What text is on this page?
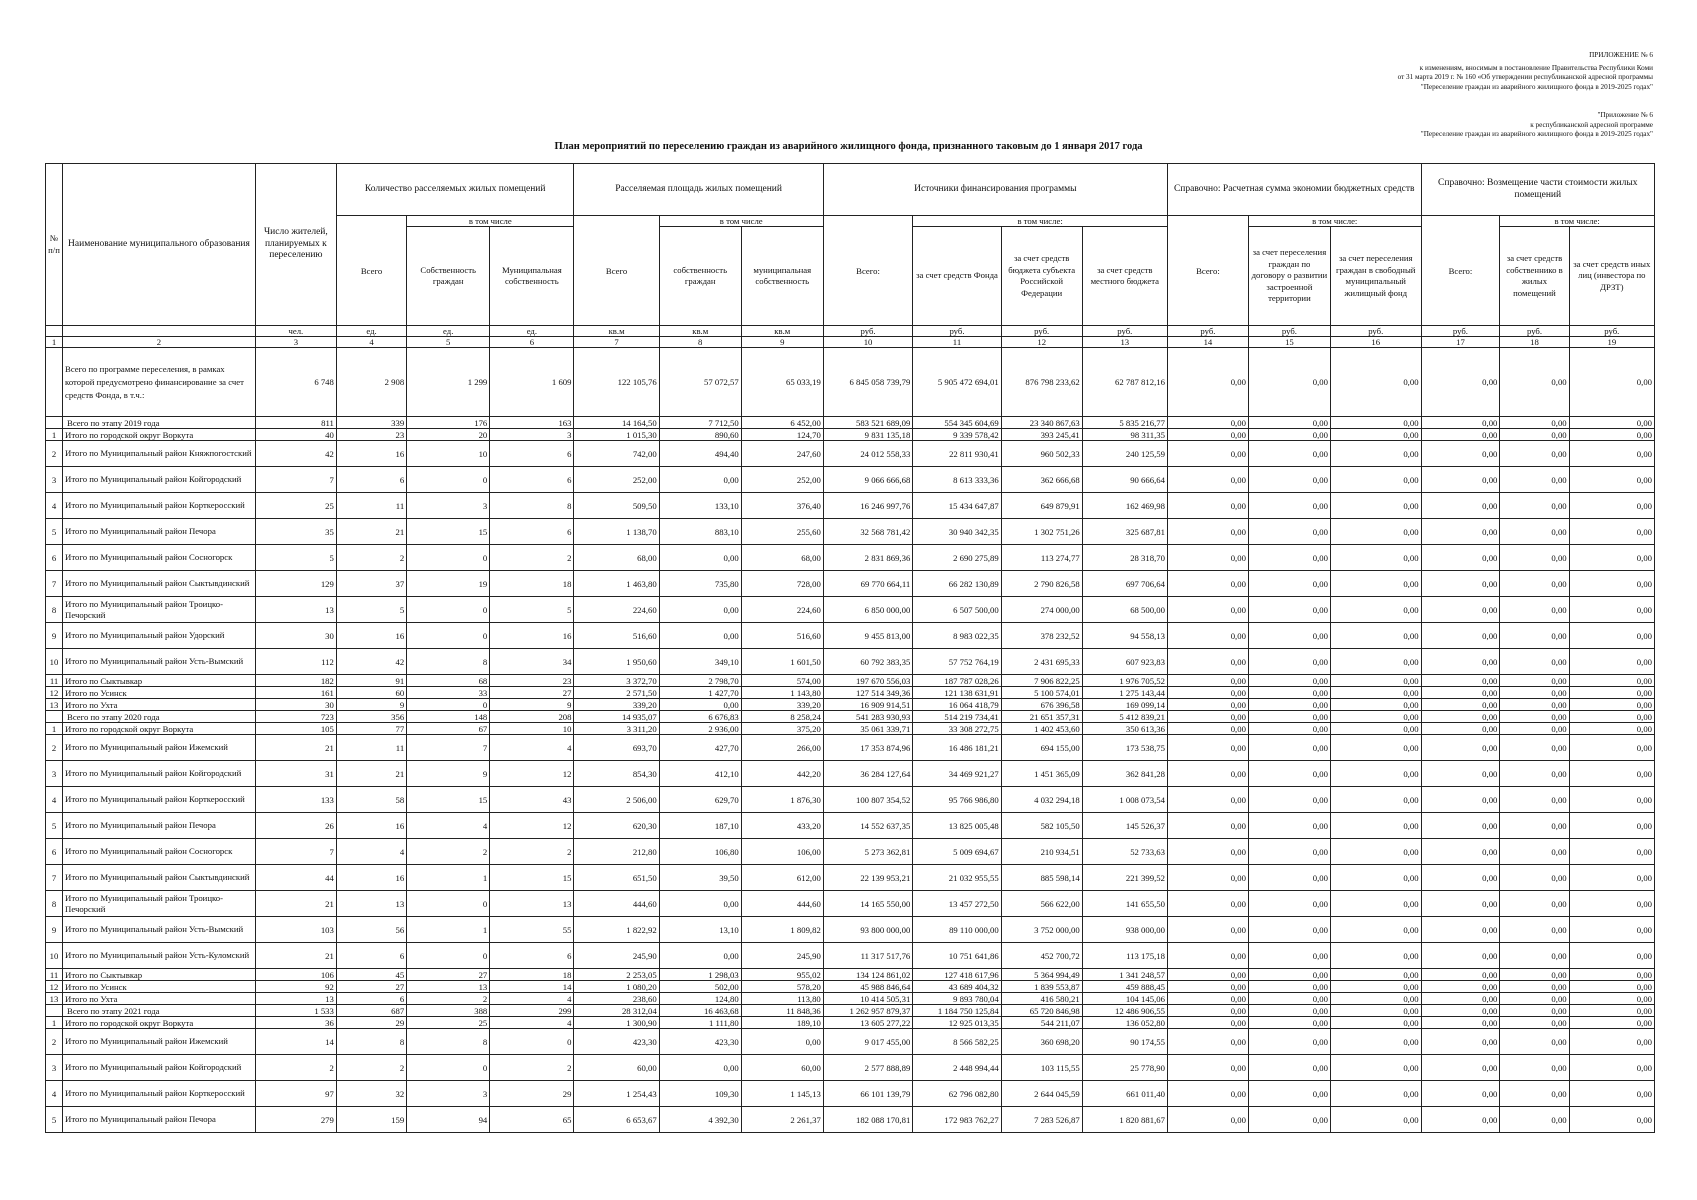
ПРИЛОЖЕНИЕ № 6
к изменениям, вносимым в постановление Правительства Республики Коми
от 31 марта 2019 г. № 160 «Об утверждении республиканской адресной программы
"Переселение граждан из аварийного жилищного фонда в 2019-2025 годах"
"Приложение № 6
к республиканской адресной программе
"Переселение граждан из аварийного жилищного фонда в 2019-2025 годах"
План мероприятий по переселению граждан из аварийного жилищного фонда, признанного таковым до 1 января 2017 года
№ п/п	Наименование муниципального образования	Число жителей, планируемых к переселению	Количество расселяемых жилых помещений			Расселяемая площадь жилых помещений			Источники финансирования программы				Справочно: Расчетная сумма экономии бюджетных средств			Справочно: Возмещение части стоимости жилых помещений		
			Всего	в том числе		Всего	в том числе		Всего:	в том числе:			Всего:	в том числе:		Всего:	в том числе:	
				Собственность граждан	Муниципальная собственность		собственность граждан	муниципальная собственность		за счет средств Фонда	за счет средств бюджета субъекта Российской Федерации	за счет средств местного бюджета		за счет переселения граждан по договору о развитии застроенной территории	за счет переселения граждан в свободный муниципальный жилищный фонд		за счет средств собственнико в жилых помещений	за счет средств иных лиц (инвестора по ДРЗТ)
		чел.	ед.	ед.	ед.	кв.м	кв.м	кв.м	руб.	руб.	руб.	руб.	руб.	руб.	руб.	руб.	руб.	руб.
1	2	3	4	5	6	7	8	9	10	11	12	13	14	15	16	17	18	19
	Всего по программе переселения, в рамках которой предусмотрено финансирование за счет средств Фонда, в т.ч.:	6 748	2 908	1 299	1 609	122 105,76	57 072,57	65 033,19	6 845 058 739,79	5 905 472 694,01	876 798 233,62	62 787 812,16	0,00	0,00	0,00	0,00	0,00	0,00
	Всего по этапу 2019 года	811	339	176	163	14 164,50	7 712,50	6 452,00	583 521 689,09	554 345 604,69	23 340 867,63	5 835 216,77	0,00	0,00	0,00	0,00	0,00	0,00
1	Итого по городской округ Воркута	40	23	20	3	1 015,30	890,60	124,70	9 831 135,18	9 339 578,42	393 245,41	98 311,35	0,00	0,00	0,00	0,00	0,00	0,00
2	Итого по Муниципальный район Княжпогостский	42	16	10	6	742,00	494,40	247,60	24 012 558,33	22 811 930,41	960 502,33	240 125,59	0,00	0,00	0,00	0,00	0,00	0,00
3	Итого по Муниципальный район Койгородский	7	6	0	6	252,00	0,00	252,00	9 066 666,68	8 613 333,36	362 666,68	90 666,64	0,00	0,00	0,00	0,00	0,00	0,00
4	Итого по Муниципальный район Корткеросский	25	11	3	8	509,50	133,10	376,40	16 246 997,76	15 434 647,87	649 879,91	162 469,98	0,00	0,00	0,00	0,00	0,00	0,00
5	Итого по Муниципальный район Печора	35	21	15	6	1 138,70	883,10	255,60	32 568 781,42	30 940 342,35	1 302 751,26	325 687,81	0,00	0,00	0,00	0,00	0,00	0,00
6	Итого по Муниципальный район Сосногорск	5	2	0	2	68,00	0,00	68,00	2 831 869,36	2 690 275,89	113 274,77	28 318,70	0,00	0,00	0,00	0,00	0,00	0,00
7	Итого по Муниципальный район Сыктывдинский	129	37	19	18	1 463,80	735,80	728,00	69 770 664,11	66 282 130,89	2 790 826,58	697 706,64	0,00	0,00	0,00	0,00	0,00	0,00
8	Итого по Муниципальный район Троицко-Печорский	13	5	0	5	224,60	0,00	224,60	6 850 000,00	6 507 500,00	274 000,00	68 500,00	0,00	0,00	0,00	0,00	0,00	0,00
9	Итого по Муниципальный район Удорский	30	16	0	16	516,60	0,00	516,60	9 455 813,00	8 983 022,35	378 232,52	94 558,13	0,00	0,00	0,00	0,00	0,00	0,00
10	Итого по Муниципальный район Усть-Вымский	112	42	8	34	1 950,60	349,10	1 601,50	60 792 383,35	57 752 764,19	2 431 695,33	607 923,83	0,00	0,00	0,00	0,00	0,00	0,00
11	Итого по Сыктывкар	182	91	68	23	3 372,70	2 798,70	574,00	197 670 556,03	187 787 028,26	7 906 822,25	1 976 705,52	0,00	0,00	0,00	0,00	0,00	0,00
12	Итого по Усинск	161	60	33	27	2 571,50	1 427,70	1 143,80	127 514 349,36	121 138 631,91	5 100 574,01	1 275 143,44	0,00	0,00	0,00	0,00	0,00	0,00
13	Итого по Ухта	30	9	0	9	339,20	0,00	339,20	16 909 914,51	16 064 418,79	676 396,58	169 099,14	0,00	0,00	0,00	0,00	0,00	0,00
	Всего по этапу 2020 года	723	356	148	208	14 935,07	6 676,83	8 258,24	541 283 930,93	514 219 734,41	21 651 357,31	5 412 839,21	0,00	0,00	0,00	0,00	0,00	0,00
1	Итого по городской округ Воркута	105	77	67	10	3 311,20	2 936,00	375,20	35 061 339,71	33 308 272,75	1 402 453,60	350 613,36	0,00	0,00	0,00	0,00	0,00	0,00
2	Итого по Муниципальный район Ижемский	21	11	7	4	693,70	427,70	266,00	17 353 874,96	16 486 181,21	694 155,00	173 538,75	0,00	0,00	0,00	0,00	0,00	0,00
3	Итого по Муниципальный район Койгородский	31	21	9	12	854,30	412,10	442,20	36 284 127,64	34 469 921,27	1 451 365,09	362 841,28	0,00	0,00	0,00	0,00	0,00	0,00
4	Итого по Муниципальный район Корткеросский	133	58	15	43	2 506,00	629,70	1 876,30	100 807 354,52	95 766 986,80	4 032 294,18	1 008 073,54	0,00	0,00	0,00	0,00	0,00	0,00
5	Итого по Муниципальный район Печора	26	16	4	12	620,30	187,10	433,20	14 552 637,35	13 825 005,48	582 105,50	145 526,37	0,00	0,00	0,00	0,00	0,00	0,00
6	Итого по Муниципальный район Сосногорск	7	4	2	2	212,80	106,80	106,00	5 273 362,81	5 009 694,67	210 934,51	52 733,63	0,00	0,00	0,00	0,00	0,00	0,00
7	Итого по Муниципальный район Сыктывдинский	44	16	1	15	651,50	39,50	612,00	22 139 953,21	21 032 955,55	885 598,14	221 399,52	0,00	0,00	0,00	0,00	0,00	0,00
8	Итого по Муниципальный район Троицко-Печорский	21	13	0	13	444,60	0,00	444,60	14 165 550,00	13 457 272,50	566 622,00	141 655,50	0,00	0,00	0,00	0,00	0,00	0,00
9	Итого по Муниципальный район Усть-Вымский	103	56	1	55	1 822,92	13,10	1 809,82	93 800 000,00	89 110 000,00	3 752 000,00	938 000,00	0,00	0,00	0,00	0,00	0,00	0,00
10	Итого по Муниципальный район Усть-Куломский	21	6	0	6	245,90	0,00	245,90	11 317 517,76	10 751 641,86	452 700,72	113 175,18	0,00	0,00	0,00	0,00	0,00	0,00
11	Итого по Сыктывкар	106	45	27	18	2 253,05	1 298,03	955,02	134 124 861,02	127 418 617,96	5 364 994,49	1 341 248,57	0,00	0,00	0,00	0,00	0,00	0,00
12	Итого по Усинск	92	27	13	14	1 080,20	502,00	578,20	45 988 846,64	43 689 404,32	1 839 553,87	459 888,45	0,00	0,00	0,00	0,00	0,00	0,00
13	Итого по Ухта	13	6	2	4	238,60	124,80	113,80	10 414 505,31	9 893 780,04	416 580,21	104 145,06	0,00	0,00	0,00	0,00	0,00	0,00
	Всего по этапу 2021 года	1 533	687	388	299	28 312,04	16 463,68	11 848,36	1 262 957 879,37	1 184 750 125,84	65 720 846,98	12 486 906,55	0,00	0,00	0,00	0,00	0,00	0,00
1	Итого по городской округ Воркута	36	29	25	4	1 300,90	1 111,80	189,10	13 605 277,22	12 925 013,35	544 211,07	136 052,80	0,00	0,00	0,00	0,00	0,00	0,00
2	Итого по Муниципальный район Ижемский	14	8	8	0	423,30	423,30	0,00	9 017 455,00	8 566 582,25	360 698,20	90 174,55	0,00	0,00	0,00	0,00	0,00	0,00
3	Итого по Муниципальный район Койгородский	2	2	0	2	60,00	0,00	60,00	2 577 888,89	2 448 994,44	103 115,55	25 778,90	0,00	0,00	0,00	0,00	0,00	0,00
4	Итого по Муниципальный район Корткеросский	97	32	3	29	1 254,43	109,30	1 145,13	66 101 139,79	62 796 082,80	2 644 045,59	661 011,40	0,00	0,00	0,00	0,00	0,00	0,00
5	Итого по Муниципальный район Печора	279	159	94	65	6 653,67	4 392,30	2 261,37	182 088 170,81	172 983 762,27	7 283 526,87	1 820 881,67	0,00	0,00	0,00	0,00	0,00	0,00
